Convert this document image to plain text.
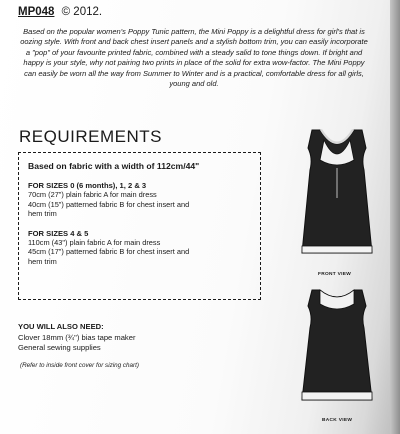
MP048 © 2012.
Based on the popular women's Poppy Tunic pattern, the Mini Poppy is a delightful dress for girl's that is oozing style. With front and back chest insert panels and a stylish bottom trim, you can easily incorporate a "pop" of your favourite printed fabric, combined with a steady salid to tone things down. If bright and happy is your style, why not pairing two prints in place of the solid for extra wow-factor. The Mini Poppy can easily be worn all the way from Summer to Winter and is a practical, comfortable dress for all girls, young and old.
REQUIREMENTS
Based on fabric with a width of 112cm/44"
FOR SIZES 0 (6 months), 1, 2 & 3
70cm (27") plain fabric A for main dress
40cm (15") patterned fabric B for chest insert and
hem trim
FOR SIZES 4 & 5
110cm (43") plain fabric A for main dress
45cm (17") patterned fabric B for chest insert and
hem trim
YOU WILL ALSO NEED:
Clover 18mm (¾") bias tape maker
General sewing supplies
(Refer to inside front cover for sizing chart)
FRONT VIEW
BACK VIEW
